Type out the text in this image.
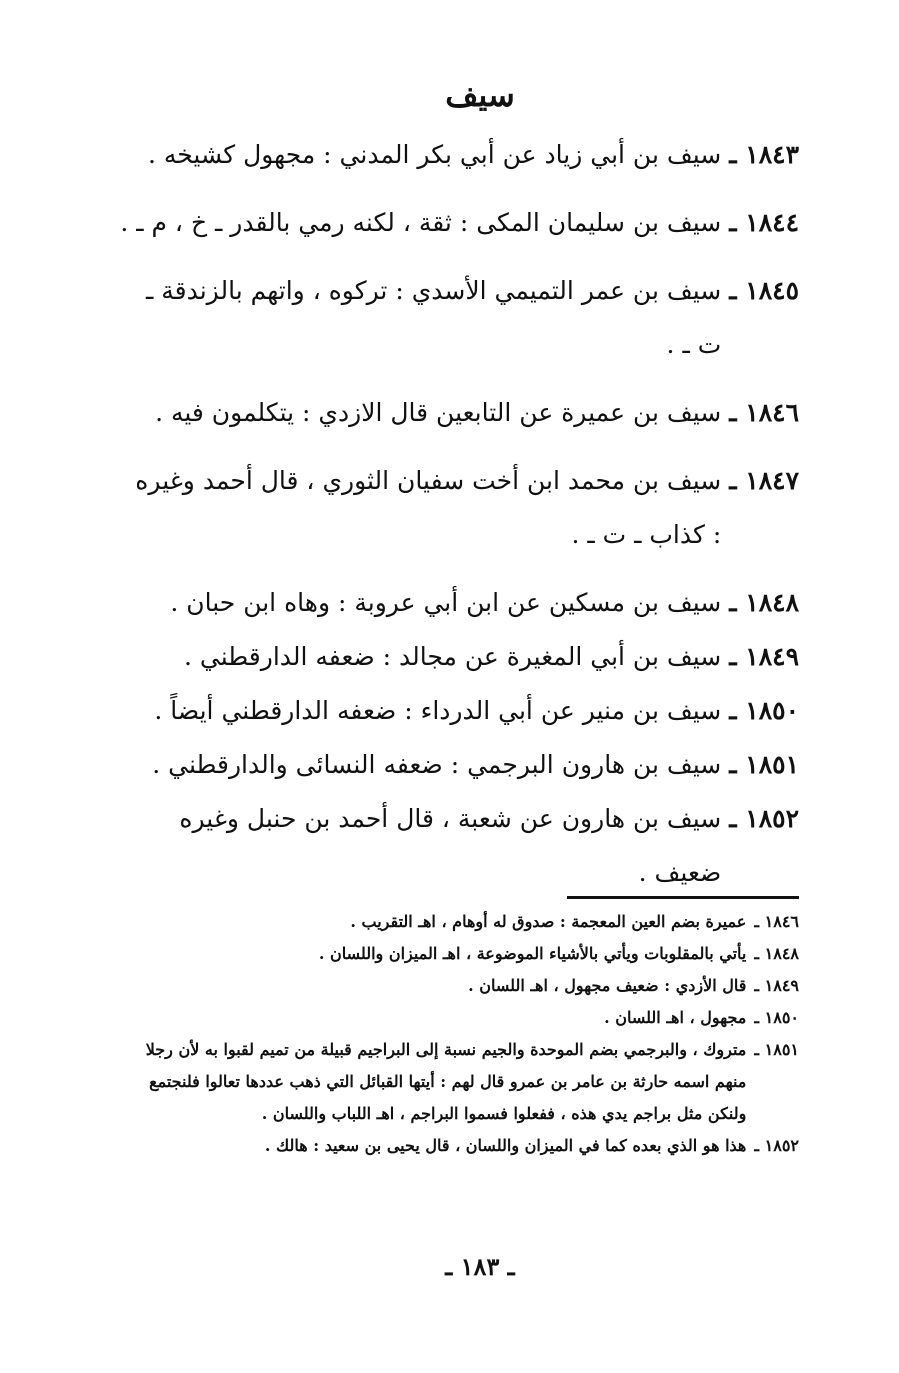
سيف
١٨٤٣ ـ
سيف بن أبي زياد عن أبي بكر المدني : مجهول كشيخه .
١٨٤٤ ـ
سيف بن سليمان المكى : ثقة ، لكنه رمي بالقدر ـ خ ، م ـ .
١٨٤٥ ـ
سيف بن عمر التميمي الأسدي : تركوه ، واتهم بالزندقة ـ ت ـ .
١٨٤٦ ـ
سيف بن عميرة عن التابعين قال الازدي : يتكلمون فيه .
١٨٤٧ ـ
سيف بن محمد ابن أخت سفيان الثوري ، قال أحمد وغيره : كذاب ـ ت ـ .
١٨٤٨ ـ
سيف بن مسكين عن ابن أبي عروبة : وهاه ابن حبان .
١٨٤٩ ـ
سيف بن أبي المغيرة عن مجالد : ضعفه الدارقطني .
١٨٥٠ ـ
سيف بن منير عن أبي الدرداء : ضعفه الدارقطني أيضاً .
١٨٥١ ـ
سيف بن هارون البرجمي : ضعفه النسائى والدارقطني .
١٨٥٢ ـ
سيف بن هارون عن شعبة ، قال أحمد بن حنبل وغيره ضعيف .
١٨٤٦ ـ
عميرة بضم العين المعجمة : صدوق له أوهام ، اهـ التقريب .
١٨٤٨ ـ
يأتي بالمقلوبات ويأتي بالأشياء الموضوعة ، اهـ الميزان واللسان .
١٨٤٩ ـ
قال الأزدي : ضعيف مجهول ، اهـ اللسان .
١٨٥٠ ـ
مجهول ، اهـ اللسان .
١٨٥١ ـ
متروك ، والبرجمي بضم الموحدة والجيم نسبة إلى البراجيم قبيلة من تميم لقبوا به لأن رجلا منهم اسمه حارثة بن عامر بن عمرو قال لهم : أيتها القبائل التي ذهب عددها تعالوا فلنجتمع ولنكن مثل براجم يدي هذه ، ففعلوا فسموا البراجم ، اهـ اللباب واللسان .
١٨٥٢ ـ
هذا هو الذي بعده كما في الميزان واللسان ، قال يحيى بن سعيد : هالك .
ـ ١٨٣ ـ
